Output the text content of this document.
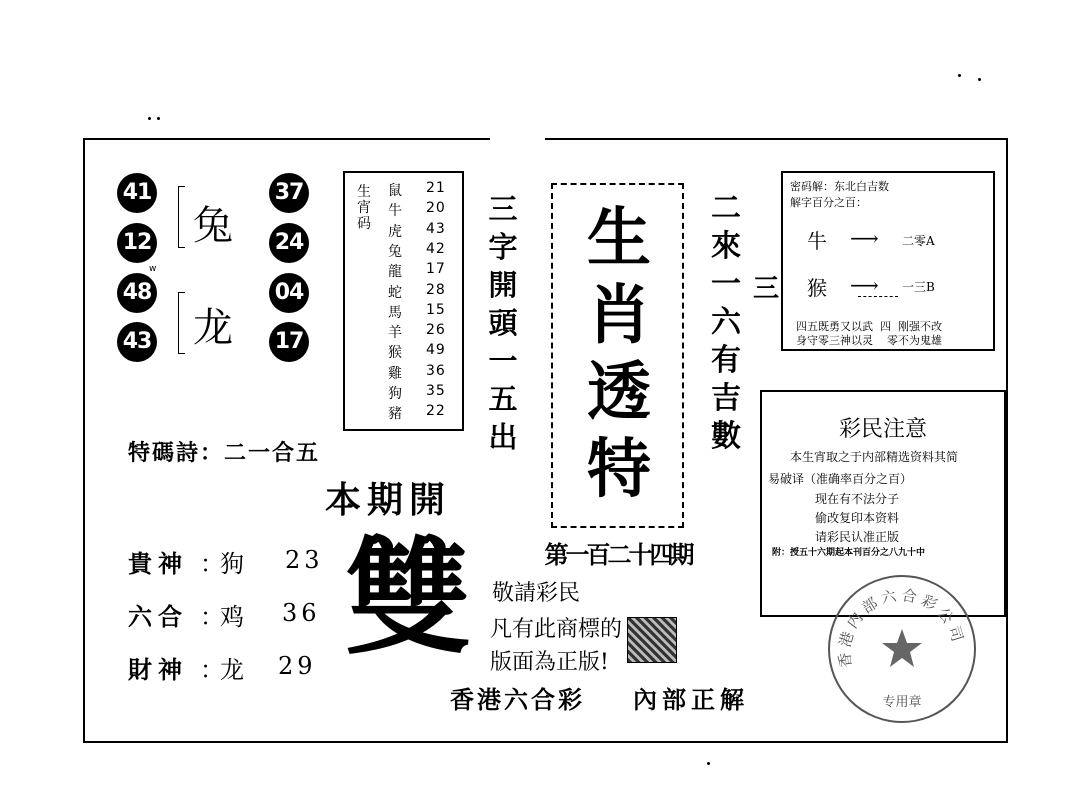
41
12
48
43
w
兔
龙
37
24
04
17
生宵码
鼠 21
牛 20
虎 43
兔 42
龍 17
蛇 28
馬 15
羊 26
猴 49
雞 36
狗 35
豬 22
三
字
開
頭
一
五
出
生
肖
透
特
第一百二十四期
二
來
一
六
有
吉
數
三
密码解：东北白吉数
解字百分之百：
牛 ⟶ 二零A
猴 ⟶ 一三B
四五既勇又以武  四  刚强不改
身守零三神以灵    零不为鬼雄
彩民注意
本生宵取之于内部精选资料其简
易破译（准确率百分之百）
现在有不法分子
偷改复印本资料
请彩民认准正版
附：授五十六期起本刊百分之八九十中
特碼詩：二一合五
本期開
雙
貴神 ：
狗 23
六合 ：
鸡 36
財神 ：
龙 29
敬請彩民
凡有此商標的
版面為正版!
香港六合彩 內部正解
香港内部六合彩公司
专用章
